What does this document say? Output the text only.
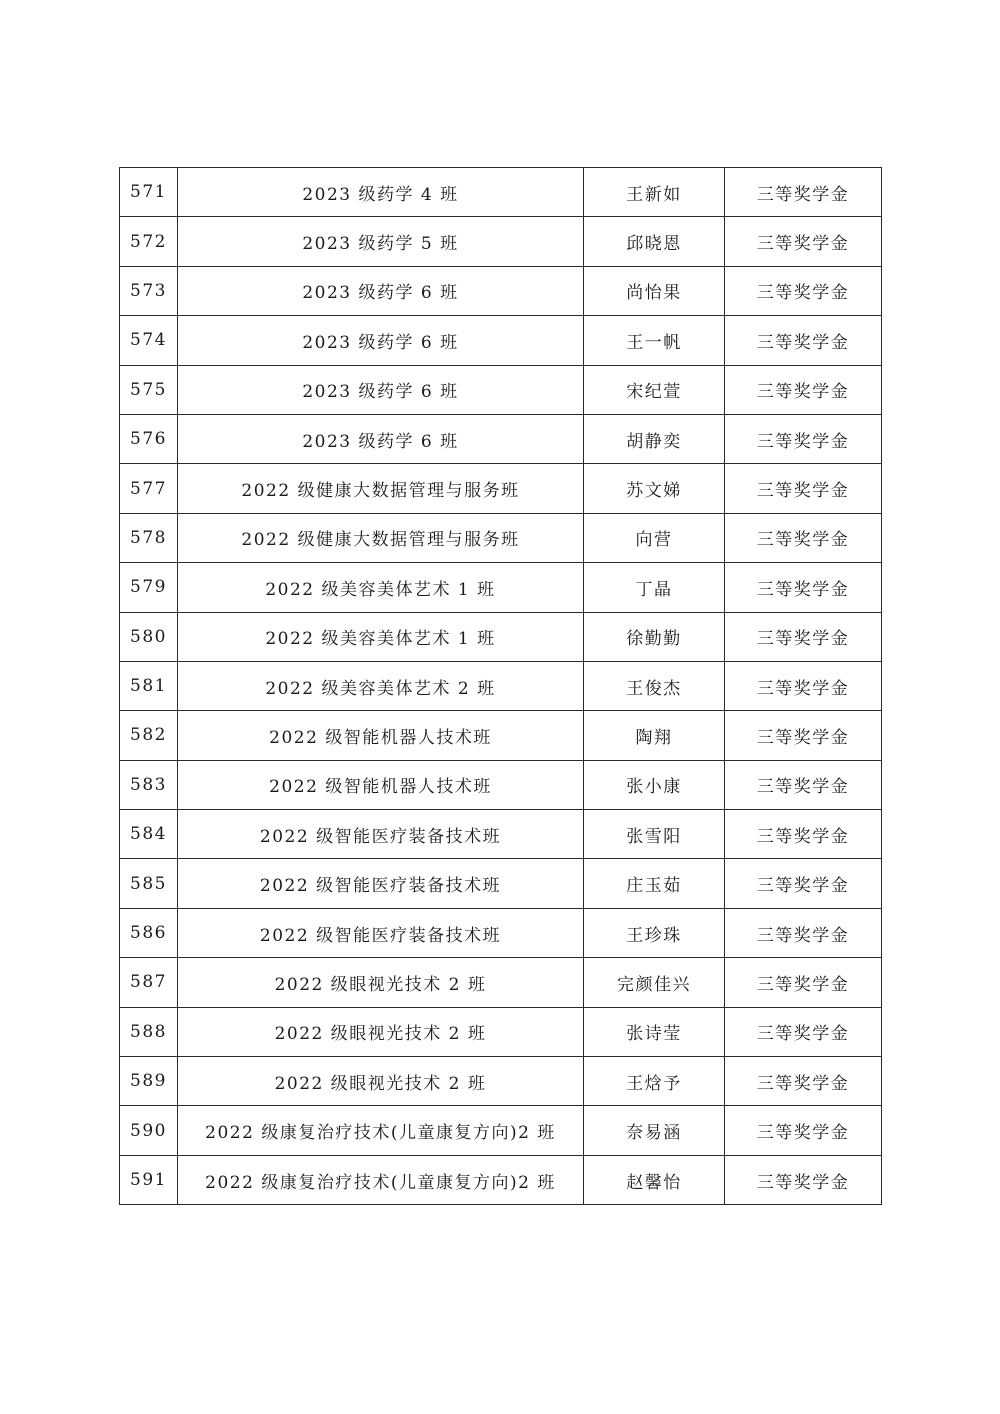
571	2023 级药学 4 班	王新如	三等奖学金
572	2023 级药学 5 班	邱晓恩	三等奖学金
573	2023 级药学 6 班	尚怡果	三等奖学金
574	2023 级药学 6 班	王一帆	三等奖学金
575	2023 级药学 6 班	宋纪萱	三等奖学金
576	2023 级药学 6 班	胡静奕	三等奖学金
577	2022 级健康大数据管理与服务班	苏文娣	三等奖学金
578	2022 级健康大数据管理与服务班	向营	三等奖学金
579	2022 级美容美体艺术 1 班	丁晶	三等奖学金
580	2022 级美容美体艺术 1 班	徐勤勤	三等奖学金
581	2022 级美容美体艺术 2 班	王俊杰	三等奖学金
582	2022 级智能机器人技术班	陶翔	三等奖学金
583	2022 级智能机器人技术班	张小康	三等奖学金
584	2022 级智能医疗装备技术班	张雪阳	三等奖学金
585	2022 级智能医疗装备技术班	庄玉茹	三等奖学金
586	2022 级智能医疗装备技术班	王珍珠	三等奖学金
587	2022 级眼视光技术 2 班	完颜佳兴	三等奖学金
588	2022 级眼视光技术 2 班	张诗莹	三等奖学金
589	2022 级眼视光技术 2 班	王焓予	三等奖学金
590	2022 级康复治疗技术(儿童康复方向)2 班	奈易涵	三等奖学金
591	2022 级康复治疗技术(儿童康复方向)2 班	赵馨怡	三等奖学金
